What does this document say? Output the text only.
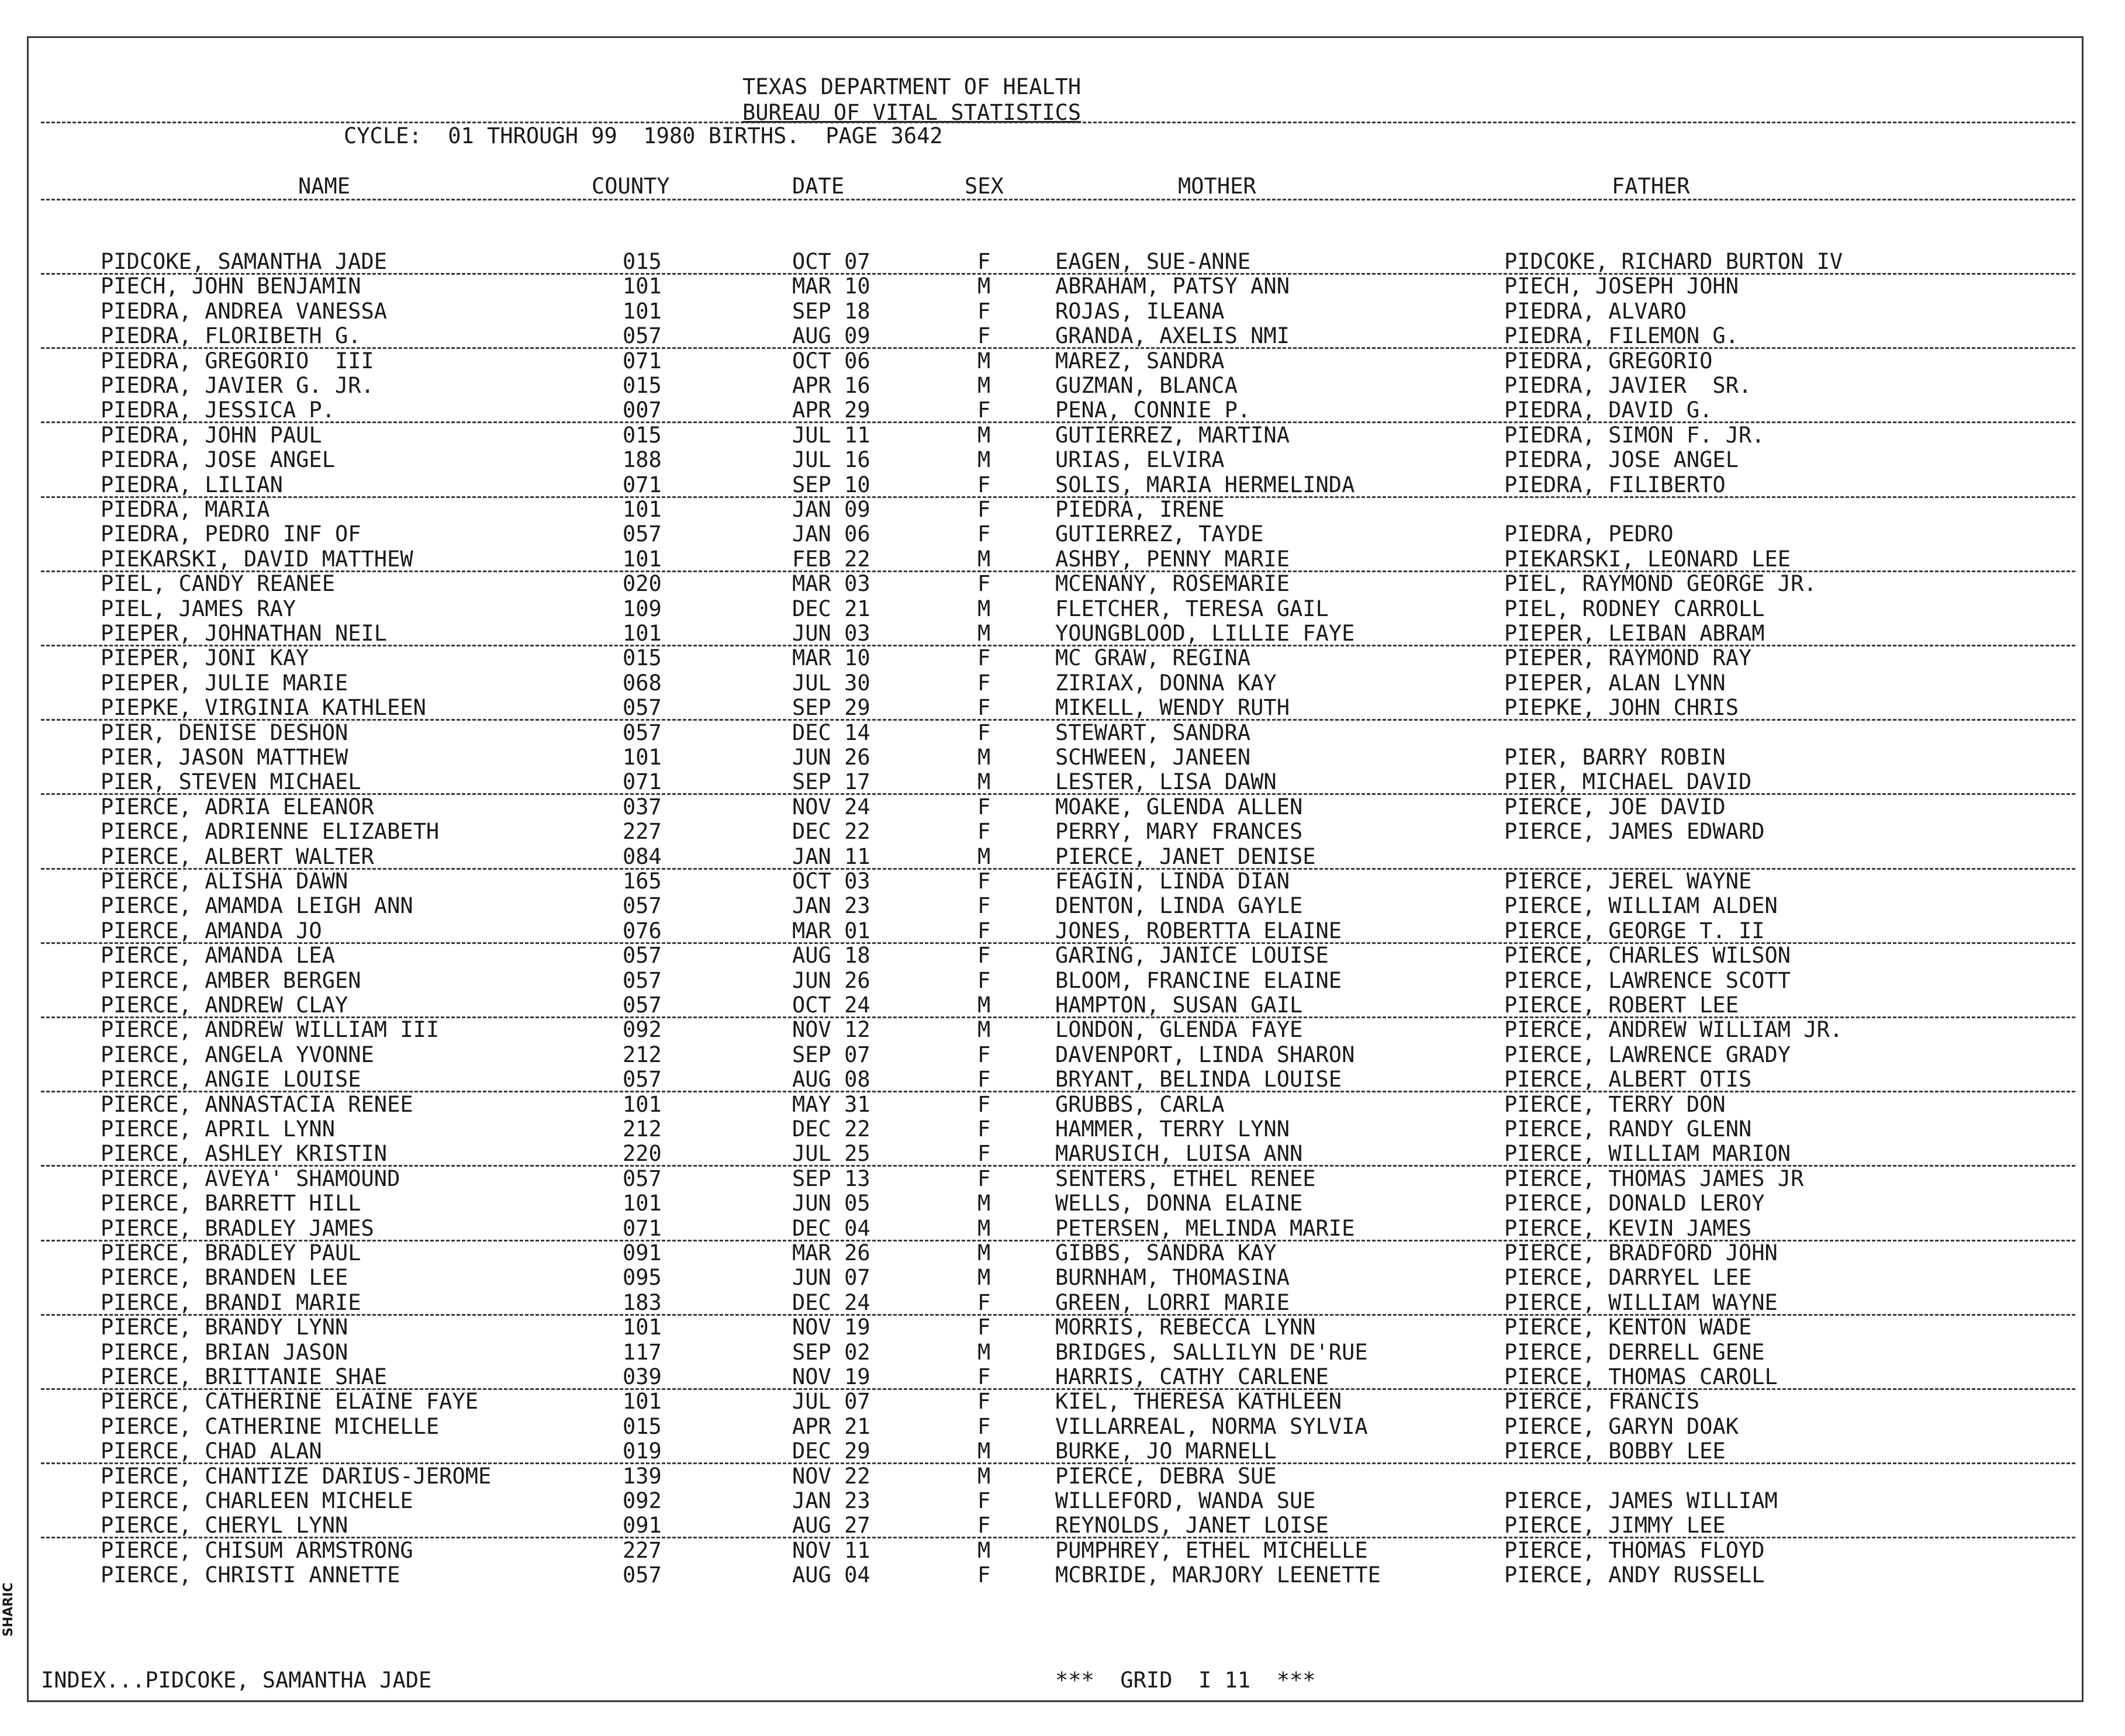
TEXAS DEPARTMENT OF HEALTH
BUREAU OF VITAL STATISTICS
CYCLE:  01 THROUGH 99  1980 BIRTHS.  PAGE 3642
NAME	COUNTY	DATE	SEX	MOTHER	FATHER
PIDCOKE, SAMANTHA JADE	015	OCT 07	F	EAGEN, SUE-ANNE	PIDCOKE, RICHARD BURTON IV
PIECH, JOHN BENJAMIN	101	MAR 10	M	ABRAHAM, PATSY ANN	PIECH, JOSEPH JOHN
PIEDRA, ANDREA VANESSA	101	SEP 18	F	ROJAS, ILEANA	PIEDRA, ALVARO
PIEDRA, FLORIBETH G.	057	AUG 09	F	GRANDA, AXELIS NMI	PIEDRA, FILEMON G.
PIEDRA, GREGORIO  III	071	OCT 06	M	MAREZ, SANDRA	PIEDRA, GREGORIO
PIEDRA, JAVIER G. JR.	015	APR 16	M	GUZMAN, BLANCA	PIEDRA, JAVIER  SR.
PIEDRA, JESSICA P.	007	APR 29	F	PENA, CONNIE P.	PIEDRA, DAVID G.
PIEDRA, JOHN PAUL	015	JUL 11	M	GUTIERREZ, MARTINA	PIEDRA, SIMON F. JR.
PIEDRA, JOSE ANGEL	188	JUL 16	M	URIAS, ELVIRA	PIEDRA, JOSE ANGEL
PIEDRA, LILIAN	071	SEP 10	F	SOLIS, MARIA HERMELINDA	PIEDRA, FILIBERTO
PIEDRA, MARIA	101	JAN 09	F	PIEDRA, IRENE
PIEDRA, PEDRO INF OF	057	JAN 06	F	GUTIERREZ, TAYDE	PIEDRA, PEDRO
PIEKARSKI, DAVID MATTHEW	101	FEB 22	M	ASHBY, PENNY MARIE	PIEKARSKI, LEONARD LEE
PIEL, CANDY REANEE	020	MAR 03	F	MCENANY, ROSEMARIE	PIEL, RAYMOND GEORGE JR.
PIEL, JAMES RAY	109	DEC 21	M	FLETCHER, TERESA GAIL	PIEL, RODNEY CARROLL
PIEPER, JOHNATHAN NEIL	101	JUN 03	M	YOUNGBLOOD, LILLIE FAYE	PIEPER, LEIBAN ABRAM
PIEPER, JONI KAY	015	MAR 10	F	MC GRAW, REGINA	PIEPER, RAYMOND RAY
PIEPER, JULIE MARIE	068	JUL 30	F	ZIRIAX, DONNA KAY	PIEPER, ALAN LYNN
PIEPKE, VIRGINIA KATHLEEN	057	SEP 29	F	MIKELL, WENDY RUTH	PIEPKE, JOHN CHRIS
PIER, DENISE DESHON	057	DEC 14	F	STEWART, SANDRA
PIER, JASON MATTHEW	101	JUN 26	M	SCHWEEN, JANEEN	PIER, BARRY ROBIN
PIER, STEVEN MICHAEL	071	SEP 17	M	LESTER, LISA DAWN	PIER, MICHAEL DAVID
PIERCE, ADRIA ELEANOR	037	NOV 24	F	MOAKE, GLENDA ALLEN	PIERCE, JOE DAVID
PIERCE, ADRIENNE ELIZABETH	227	DEC 22	F	PERRY, MARY FRANCES	PIERCE, JAMES EDWARD
PIERCE, ALBERT WALTER	084	JAN 11	M	PIERCE, JANET DENISE
PIERCE, ALISHA DAWN	165	OCT 03	F	FEAGIN, LINDA DIAN	PIERCE, JEREL WAYNE
PIERCE, AMAMDA LEIGH ANN	057	JAN 23	F	DENTON, LINDA GAYLE	PIERCE, WILLIAM ALDEN
PIERCE, AMANDA JO	076	MAR 01	F	JONES, ROBERTTA ELAINE	PIERCE, GEORGE T. II
PIERCE, AMANDA LEA	057	AUG 18	F	GARING, JANICE LOUISE	PIERCE, CHARLES WILSON
PIERCE, AMBER BERGEN	057	JUN 26	F	BLOOM, FRANCINE ELAINE	PIERCE, LAWRENCE SCOTT
PIERCE, ANDREW CLAY	057	OCT 24	M	HAMPTON, SUSAN GAIL	PIERCE, ROBERT LEE
PIERCE, ANDREW WILLIAM III	092	NOV 12	M	LONDON, GLENDA FAYE	PIERCE, ANDREW WILLIAM JR.
PIERCE, ANGELA YVONNE	212	SEP 07	F	DAVENPORT, LINDA SHARON	PIERCE, LAWRENCE GRADY
PIERCE, ANGIE LOUISE	057	AUG 08	F	BRYANT, BELINDA LOUISE	PIERCE, ALBERT OTIS
PIERCE, ANNASTACIA RENEE	101	MAY 31	F	GRUBBS, CARLA	PIERCE, TERRY DON
PIERCE, APRIL LYNN	212	DEC 22	F	HAMMER, TERRY LYNN	PIERCE, RANDY GLENN
PIERCE, ASHLEY KRISTIN	220	JUL 25	F	MARUSICH, LUISA ANN	PIERCE, WILLIAM MARION
PIERCE, AVEYA' SHAMOUND	057	SEP 13	F	SENTERS, ETHEL RENEE	PIERCE, THOMAS JAMES JR
PIERCE, BARRETT HILL	101	JUN 05	M	WELLS, DONNA ELAINE	PIERCE, DONALD LEROY
PIERCE, BRADLEY JAMES	071	DEC 04	M	PETERSEN, MELINDA MARIE	PIERCE, KEVIN JAMES
PIERCE, BRADLEY PAUL	091	MAR 26	M	GIBBS, SANDRA KAY	PIERCE, BRADFORD JOHN
PIERCE, BRANDEN LEE	095	JUN 07	M	BURNHAM, THOMASINA	PIERCE, DARRYEL LEE
PIERCE, BRANDI MARIE	183	DEC 24	F	GREEN, LORRI MARIE	PIERCE, WILLIAM WAYNE
PIERCE, BRANDY LYNN	101	NOV 19	F	MORRIS, REBECCA LYNN	PIERCE, KENTON WADE
PIERCE, BRIAN JASON	117	SEP 02	M	BRIDGES, SALLILYN DE'RUE	PIERCE, DERRELL GENE
PIERCE, BRITTANIE SHAE	039	NOV 19	F	HARRIS, CATHY CARLENE	PIERCE, THOMAS CAROLL
PIERCE, CATHERINE ELAINE FAYE	101	JUL 07	F	KIEL, THERESA KATHLEEN	PIERCE, FRANCIS
PIERCE, CATHERINE MICHELLE	015	APR 21	F	VILLARREAL, NORMA SYLVIA	PIERCE, GARYN DOAK
PIERCE, CHAD ALAN	019	DEC 29	M	BURKE, JO MARNELL	PIERCE, BOBBY LEE
PIERCE, CHANTIZE DARIUS-JEROME	139	NOV 22	M	PIERCE, DEBRA SUE
PIERCE, CHARLEEN MICHELE	092	JAN 23	F	WILLEFORD, WANDA SUE	PIERCE, JAMES WILLIAM
PIERCE, CHERYL LYNN	091	AUG 27	F	REYNOLDS, JANET LOISE	PIERCE, JIMMY LEE
PIERCE, CHISUM ARMSTRONG	227	NOV 11	M	PUMPHREY, ETHEL MICHELLE	PIERCE, THOMAS FLOYD
PIERCE, CHRISTI ANNETTE	057	AUG 04	F	MCBRIDE, MARJORY LEENETTE	PIERCE, ANDY RUSSELL
INDEX...PIDCOKE, SAMANTHA JADE	***  GRID  I 11  ***
SHARIC
